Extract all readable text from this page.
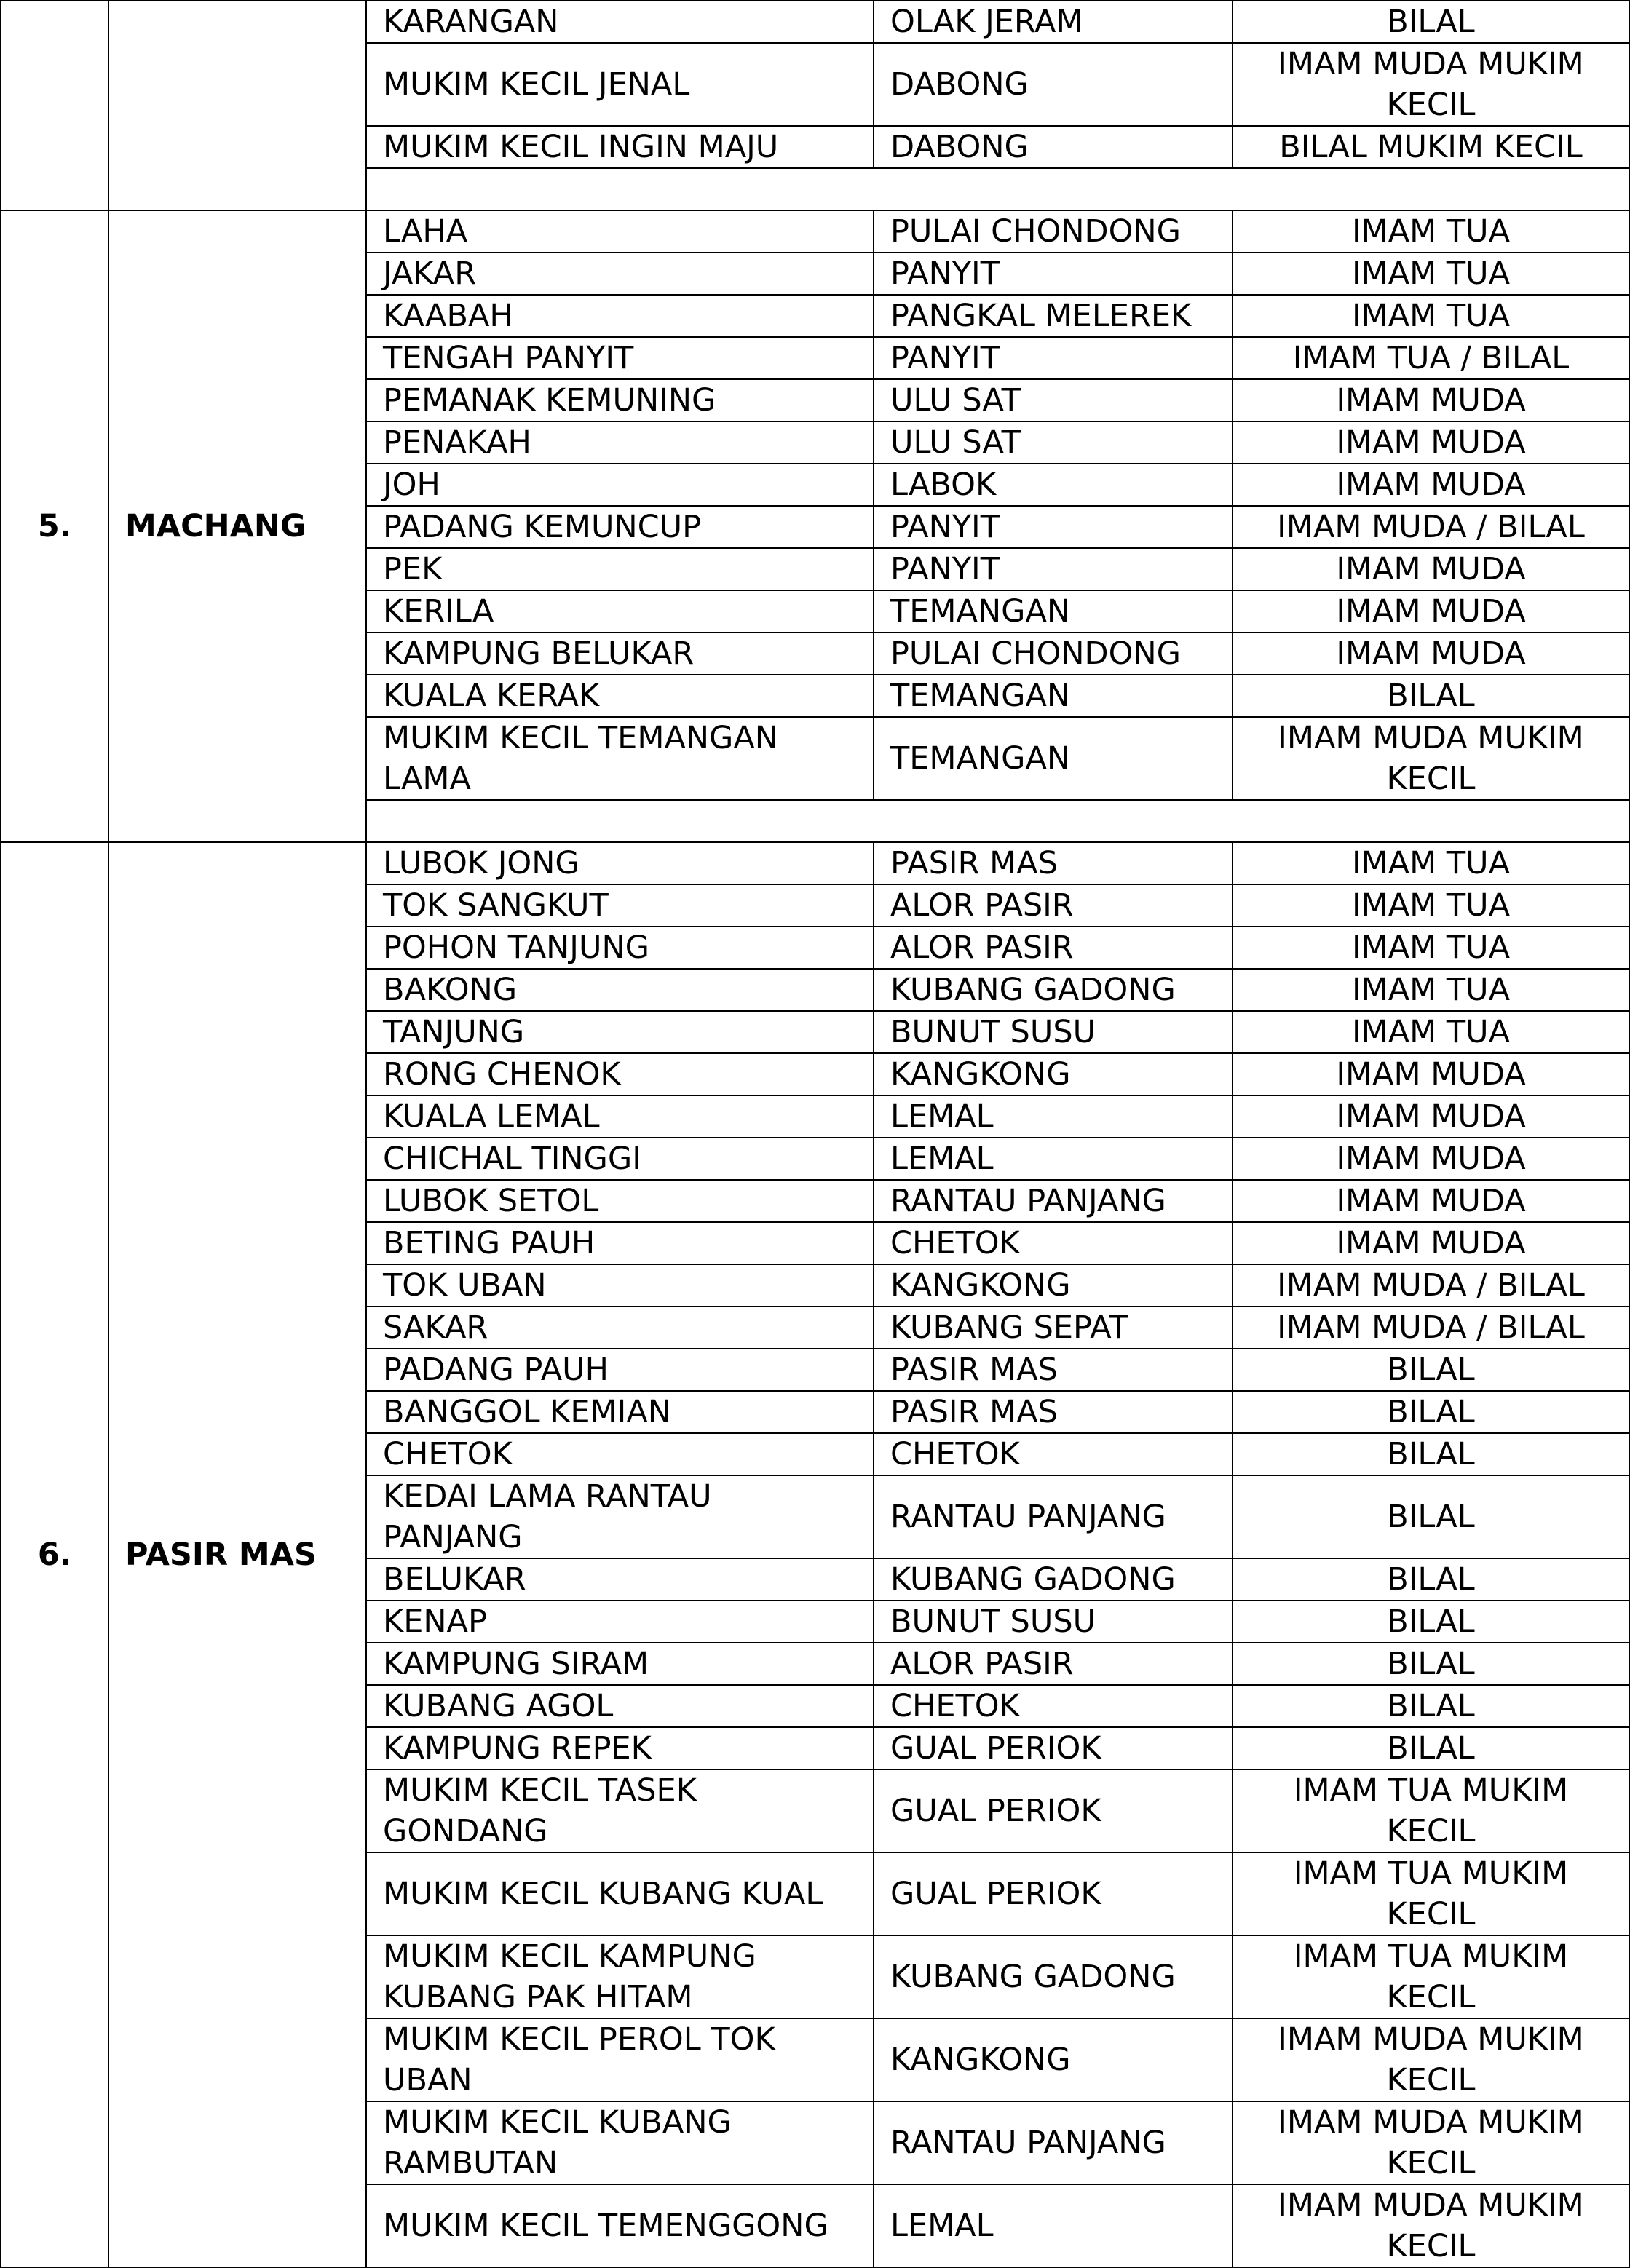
		KARANGAN	OLAK JERAM	BILAL
		MUKIM KECIL JENAL	DABONG	IMAM MUDA MUKIM KECIL
		MUKIM KECIL INGIN MAJU	DABONG	BILAL MUKIM KECIL

5.	MACHANG	LAHA	PULAI CHONDONG	IMAM TUA
		JAKAR	PANYIT	IMAM TUA
		KAABAH	PANGKAL MELEREK	IMAM TUA
		TENGAH PANYIT	PANYIT	IMAM TUA / BILAL
		PEMANAK KEMUNING	ULU SAT	IMAM MUDA
		PENAKAH	ULU SAT	IMAM MUDA
		JOH	LABOK	IMAM MUDA
		PADANG KEMUNCUP	PANYIT	IMAM MUDA / BILAL
		PEK	PANYIT	IMAM MUDA
		KERILA	TEMANGAN	IMAM MUDA
		KAMPUNG BELUKAR	PULAI CHONDONG	IMAM MUDA
		KUALA KERAK	TEMANGAN	BILAL
		MUKIM KECIL TEMANGAN LAMA	TEMANGAN	IMAM MUDA MUKIM KECIL

6.	PASIR MAS	LUBOK JONG	PASIR MAS	IMAM TUA
		TOK SANGKUT	ALOR PASIR	IMAM TUA
		POHON TANJUNG	ALOR PASIR	IMAM TUA
		BAKONG	KUBANG GADONG	IMAM TUA
		TANJUNG	BUNUT SUSU	IMAM TUA
		RONG CHENOK	KANGKONG	IMAM MUDA
		KUALA LEMAL	LEMAL	IMAM MUDA
		CHICHAL TINGGI	LEMAL	IMAM MUDA
		LUBOK SETOL	RANTAU PANJANG	IMAM MUDA
		BETING PAUH	CHETOK	IMAM MUDA
		TOK UBAN	KANGKONG	IMAM MUDA / BILAL
		SAKAR	KUBANG SEPAT	IMAM MUDA / BILAL
		PADANG PAUH	PASIR MAS	BILAL
		BANGGOL KEMIAN	PASIR MAS	BILAL
		CHETOK	CHETOK	BILAL
		KEDAI LAMA RANTAU PANJANG	RANTAU PANJANG	BILAL
		BELUKAR	KUBANG GADONG	BILAL
		KENAP	BUNUT SUSU	BILAL
		KAMPUNG SIRAM	ALOR PASIR	BILAL
		KUBANG AGOL	CHETOK	BILAL
		KAMPUNG REPEK	GUAL PERIOK	BILAL
		MUKIM KECIL TASEK GONDANG	GUAL PERIOK	IMAM TUA MUKIM KECIL
		MUKIM KECIL KUBANG KUAL	GUAL PERIOK	IMAM TUA MUKIM KECIL
		MUKIM KECIL KAMPUNG KUBANG PAK HITAM	KUBANG GADONG	IMAM TUA MUKIM KECIL
		MUKIM KECIL PEROL TOK UBAN	KANGKONG	IMAM MUDA MUKIM KECIL
		MUKIM KECIL KUBANG RAMBUTAN	RANTAU PANJANG	IMAM MUDA MUKIM KECIL
		MUKIM KECIL TEMENGGONG	LEMAL	IMAM MUDA MUKIM KECIL
